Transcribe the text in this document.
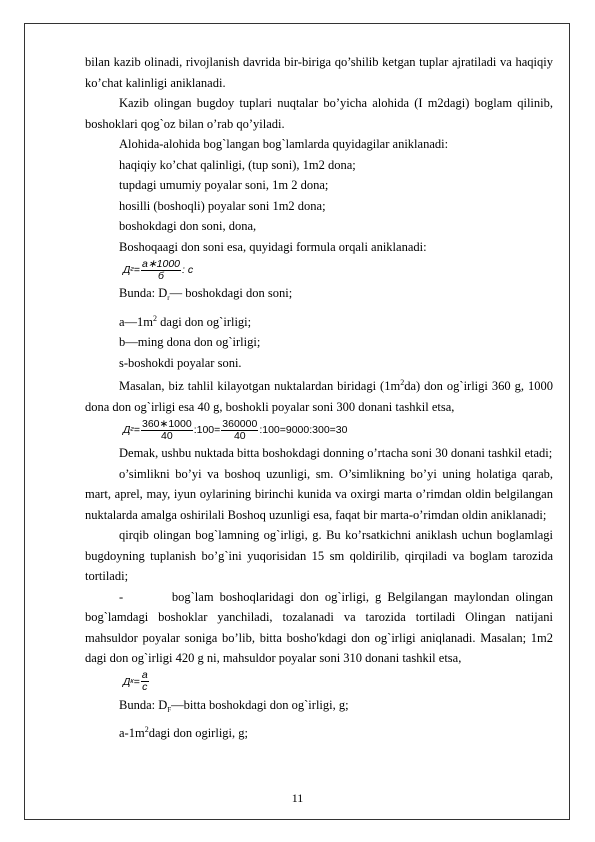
bilan kazib olinadi, rivojlanish davrida bir-biriga qo’shilib ketgan tuplar ajratiladi va haqiqiy ko’chat kalinligi aniklanadi.

Kazib olingan bugdoy tuplari nuqtalar bo’yicha alohida (I m2dagi) boglam qilinib, boshoklari qog`oz bilan o’rab qo’yiladi.

Alohida-alohida bog`langan bog`lamlarda quyidagilar aniklanadi:

haqiqiy ko’chat qalinligi, (tup soni), 1m2 dona;

tupdagi umumiy poyalar soni, 1m 2 dona;

hosilli (boshoqli) poyalar soni 1m2 dona;

boshokdagi don soni, dona,

Boshoqaagi don soni esa, quyidagi formula orqali aniklanadi:

Д $г = \frac{a∗1000}{б}$ : c

Bunda: $D_r—$ boshokdagi don soni;

$a—1m^2$ dagi don og`irligi;

b—ming dona don og`irligi;

s-boshokdi poyalar soni.

Masalan, biz tahlil kilayotgan nuktalardan biridagi $(1m^2da)$ don og`irligi 360 g, 1000 dona don og`irligi esa 40 g, boshokli poyalar soni 300 donani tashkil etsa,

Д $г = \frac{360∗1000}{40}$ :100= $\frac{360000}{40}$ :100=9000:300=30

Demak, ushbu nuktada bitta boshokdagi donning o’rtacha soni 30 donani tashkil etadi;

o’simlikni bo’yi va boshoq uzunligi, sm. O’simlikning bo’yi uning holatiga qarab, mart, aprel, may, iyun oylarining birinchi kunida va oxirgi marta o’rimdan oldin belgilangan nuktalarda amalga oshirilali Boshoq uzunligi esa, faqat bir marta-o’rimdan oldin aniklanadi;

qirqib olingan bog`lamning og`irligi, g. Bu ko’rsatkichni aniklash uchun boglamlagi bugdoyning tuplanish bo’g`ini yuqorisidan 15 sm qoldirilib, qirqiladi va boglam tarozida tortiladi;

-        bog`lam boshoqlaridagi don og`irligi, g Belgilangan maylondan olingan bog`lamdagi boshoklar yanchiladi, tozalanadi va tarozida tortiladi Olingan natijani mahsuldor poyalar soniga bo’lib, bitta bosho'kdagi don og`irligi aniqlanadi. Masalan; 1m2 dagi don og`irligi 420 g ni, mahsuldor poyalar soni 310 donani tashkil etsa,

Д $к = \frac{a}{c}$

Bunda: $D_F—bitta$ boshokdagi don og`irligi, g;

$a-1m^2dagi$ don ogirligi, g;

11
